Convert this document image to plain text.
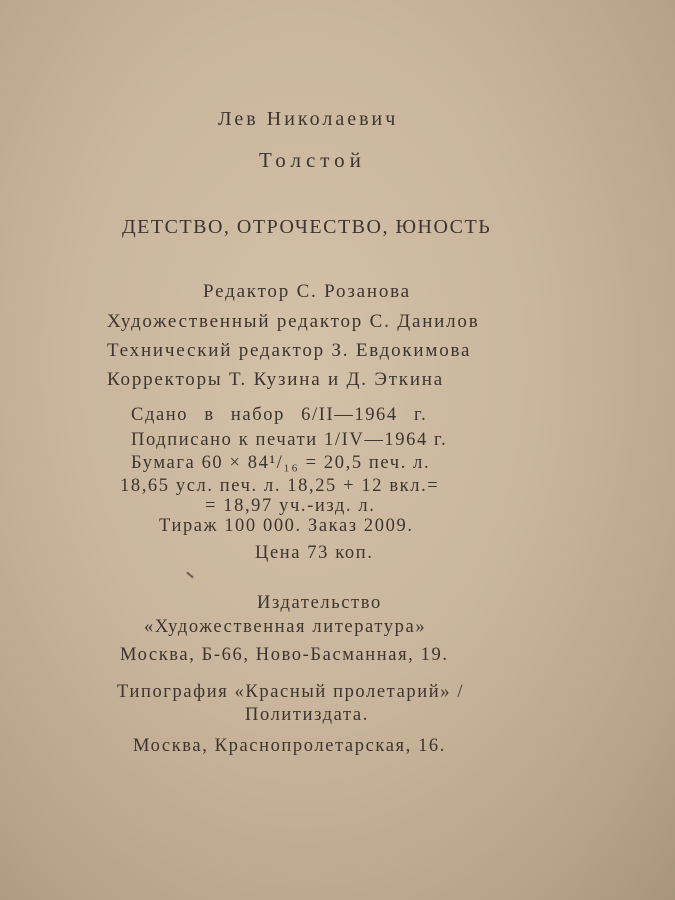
Лев Николаевич
Толстой
ДЕТСТВО, ОТРОЧЕСТВО, ЮНОСТЬ
Редактор С. Розанова
Художественный редактор С. Данилов
Технический редактор З. Евдокимова
Корректоры Т. Кузина и Д. Эткина
Сдано в набор 6/II—1964 г.
Подписано к печати 1/IV—1964 г.
Бумага 60 × 84¹/₁₆ = 20,5 печ. л.
18,65 усл. печ. л. 18,25 + 12 вкл.=
= 18,97 уч.-изд. л.
Тираж 100 000. Заказ 2009.
Цена 73 коп.
Издательство
«Художественная литература»
Москва, Б-66, Ново-Басманная, 19.
Типография «Красный пролетарий» /
Политиздата.
Москва, Краснопролетарская, 16.
